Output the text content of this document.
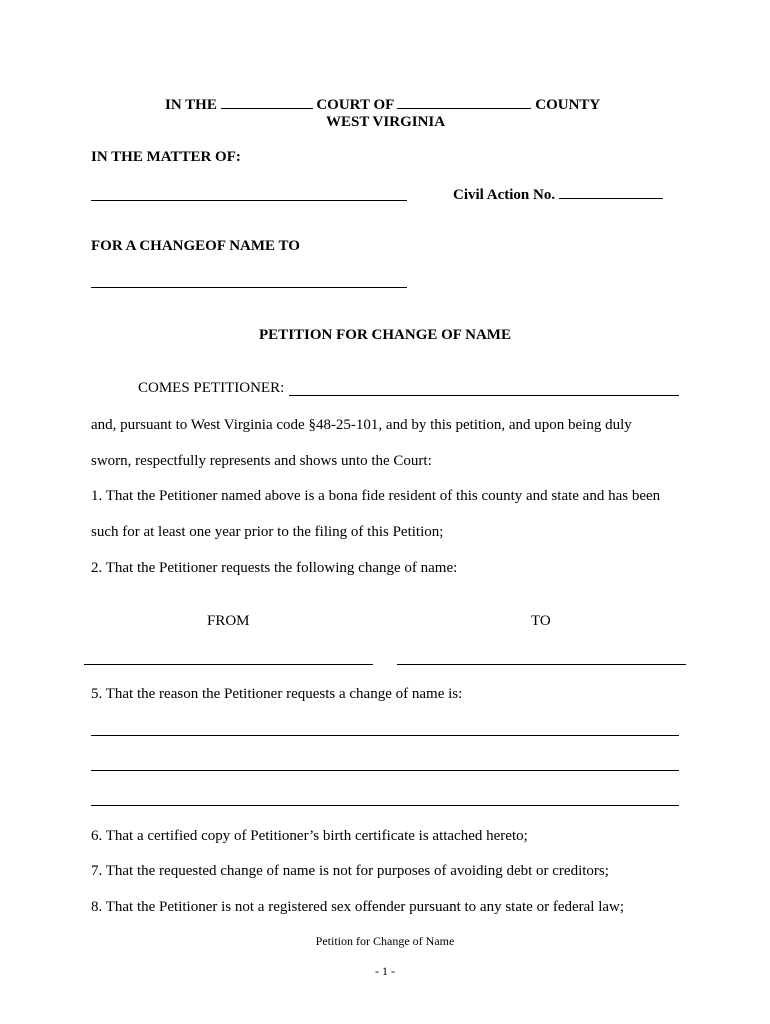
IN THE	COURT OF	COUNTY
WEST VIRGINIA
IN THE MATTER OF:
Civil Action No.
FOR A CHANGEOF NAME TO
PETITION FOR CHANGE OF NAME
COMES PETITIONER:
and, pursuant to West Virginia code §48-25-101, and by this petition, and upon being duly
sworn, respectfully represents and shows unto the Court:
1. That the Petitioner named above is a bona fide resident of this county and state and has been
such for at least one year prior to the filing of this Petition;
2. That the Petitioner requests the following change of name:
FROM	TO
5. That the reason the Petitioner requests a change of name is:
6. That a certified copy of Petitioner’s birth certificate is attached hereto;
7. That the requested change of name is not for purposes of avoiding debt or creditors;
8. That the Petitioner is not a registered sex offender pursuant to any state or federal law;
Petition for Change of Name
- 1 -
